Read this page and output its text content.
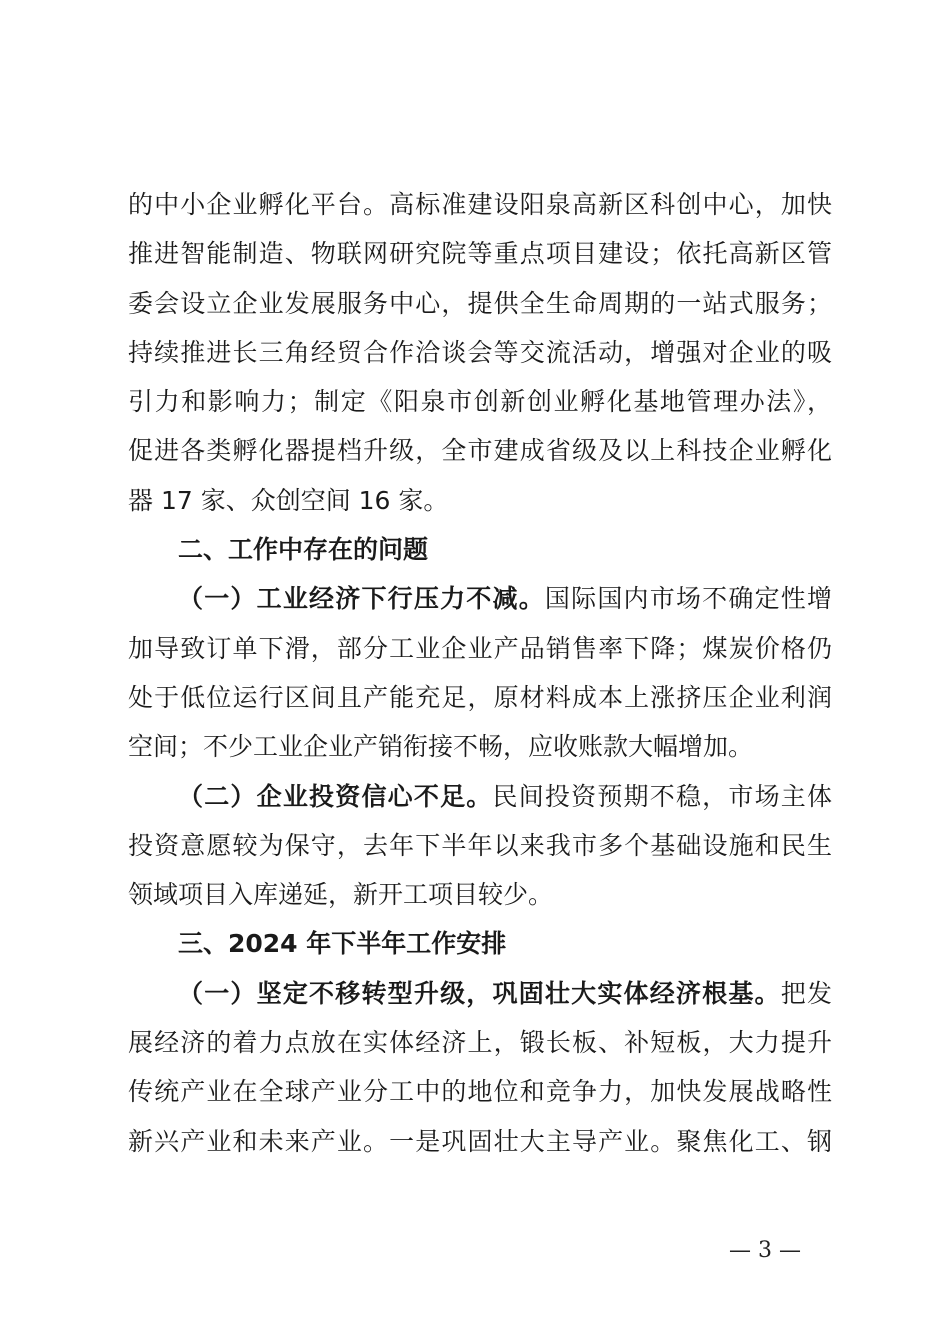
的中小企业孵化平台。高标准建设阳泉高新区科创中心，加快
推进智能制造、物联网研究院等重点项目建设；依托高新区管
委会设立企业发展服务中心，提供全生命周期的一站式服务；
持续推进长三角经贸合作洽谈会等交流活动，增强对企业的吸
引力和影响力；制定《阳泉市创新创业孵化基地管理办法》，
促进各类孵化器提档升级，全市建成省级及以上科技企业孵化
器 17 家、众创空间 16 家。
二、工作中存在的问题
（一）工业经济下行压力不减。国际国内市场不确定性增
加导致订单下滑，部分工业企业产品销售率下降；煤炭价格仍
处于低位运行区间且产能充足，原材料成本上涨挤压企业利润
空间；不少工业企业产销衔接不畅，应收账款大幅增加。
（二）企业投资信心不足。民间投资预期不稳，市场主体
投资意愿较为保守，去年下半年以来我市多个基础设施和民生
领域项目入库递延，新开工项目较少。
三、2024 年下半年工作安排
（一）坚定不移转型升级，巩固壮大实体经济根基。把发
展经济的着力点放在实体经济上，锻长板、补短板，大力提升
传统产业在全球产业分工中的地位和竞争力，加快发展战略性
新兴产业和未来产业。一是巩固壮大主导产业。聚焦化工、钢
— 3 —
